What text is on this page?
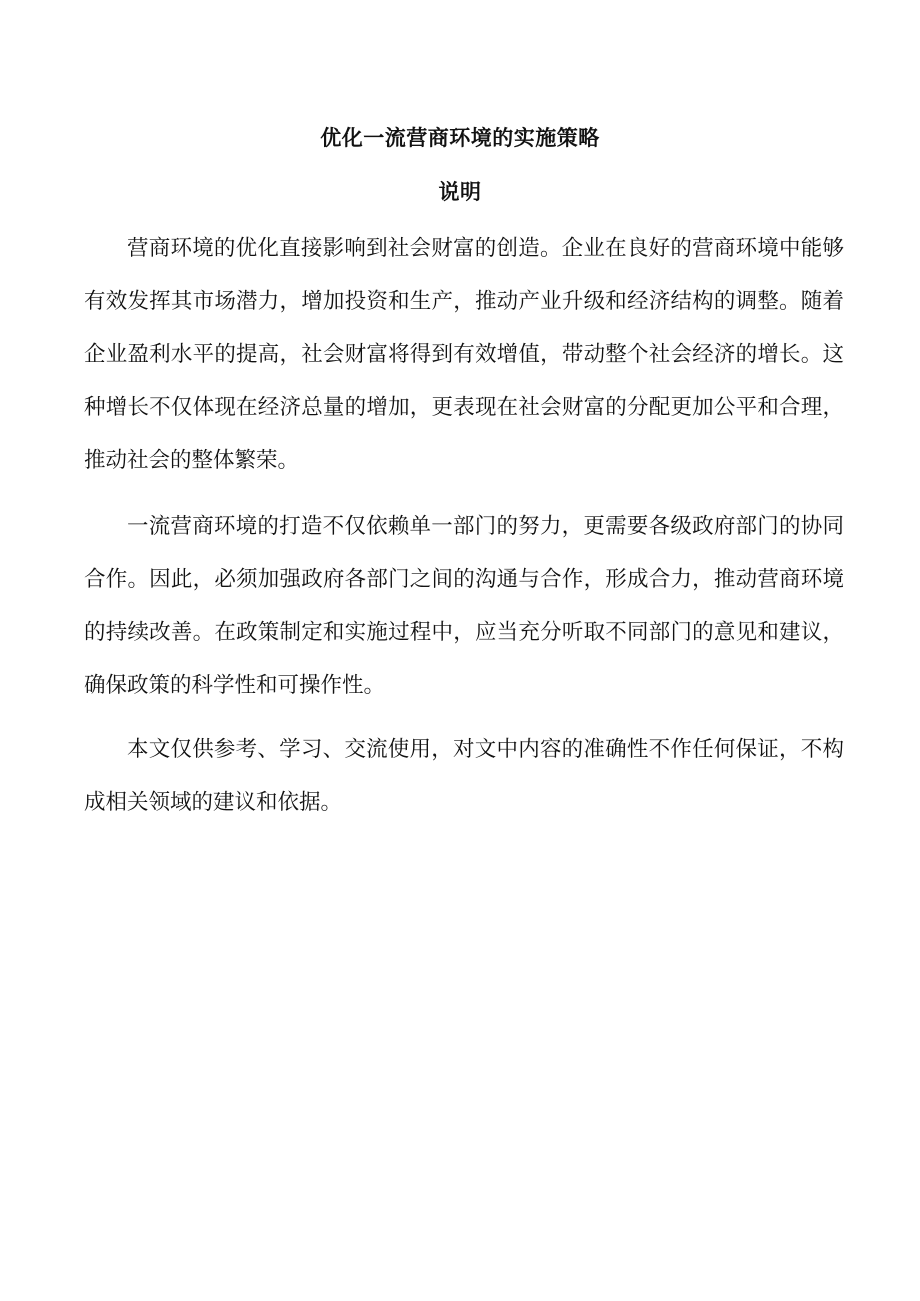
优化一流营商环境的实施策略
说明

营商环境的优化直接影响到社会财富的创造。企业在良好的营商环境中能够有效发挥其市场潜力，增加投资和生产，推动产业升级和经济结构的调整。随着企业盈利水平的提高，社会财富将得到有效增值，带动整个社会经济的增长。这种增长不仅体现在经济总量的增加，更表现在社会财富的分配更加公平和合理，推动社会的整体繁荣。

一流营商环境的打造不仅依赖单一部门的努力，更需要各级政府部门的协同合作。因此，必须加强政府各部门之间的沟通与合作，形成合力，推动营商环境的持续改善。在政策制定和实施过程中，应当充分听取不同部门的意见和建议，确保政策的科学性和可操作性。

本文仅供参考、学习、交流使用，对文中内容的准确性不作任何保证，不构成相关领域的建议和依据。
